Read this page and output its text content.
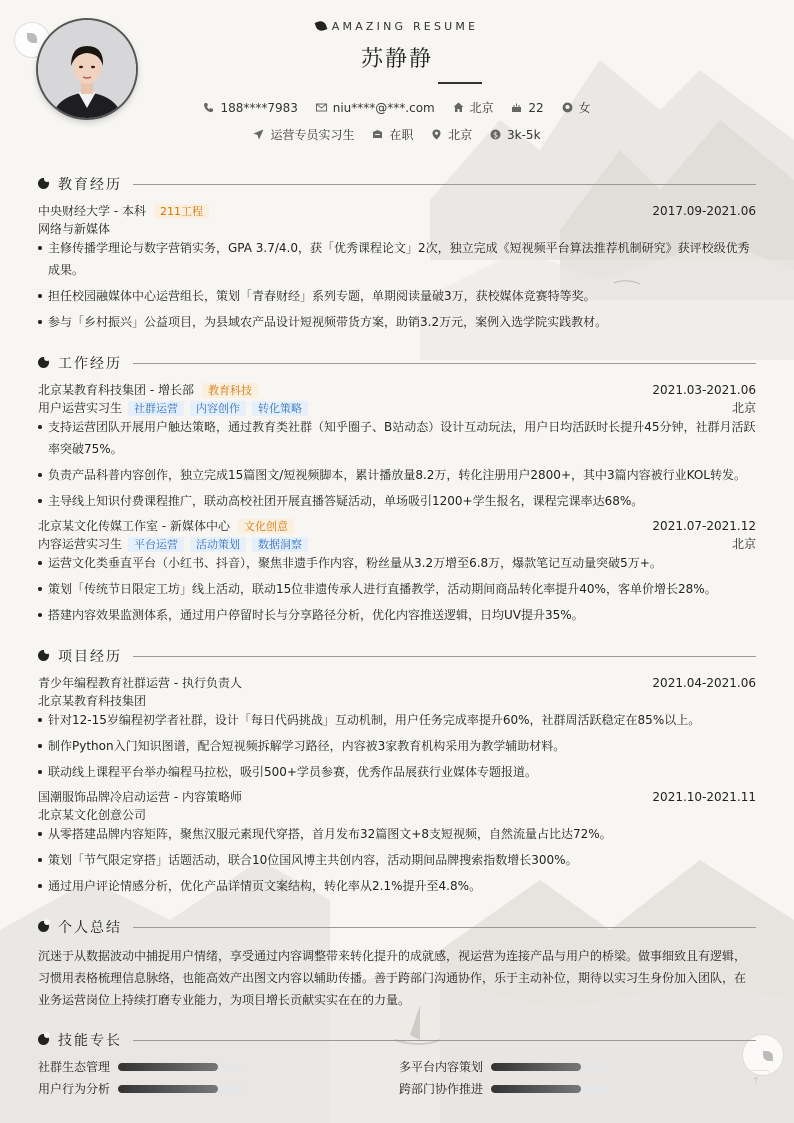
↑
AMAZING RESUME
苏静静
188****7983	niu****@***.com	北京	22	女
运营专员实习生	在职	北京	$ 3k-5k
教育经历
中央财经大学 - 本科 211工程	2017.09-2021.06
网络与新媒体
主修传播学理论与数字营销实务，GPA 3.7/4.0，获「优秀课程论文」2次，独立完成《短视频平台算法推荐机制研究》获评校级优秀成果。
担任校园融媒体中心运营组长，策划「青春财经」系列专题，单期阅读量破3万，获校媒体竞赛特等奖。
参与「乡村振兴」公益项目，为县域农产品设计短视频带货方案，助销3.2万元，案例入选学院实践教材。
工作经历
北京某教育科技集团 - 增长部 教育科技	2021.03-2021.06
用户运营实习生 社群运营 内容创作 转化策略	北京
支持运营团队开展用户触达策略，通过教育类社群（知乎圈子、B站动态）设计互动玩法，用户日均活跃时长提升45分钟，社群月活跃率突破75%。
负责产品科普内容创作，独立完成15篇图文/短视频脚本，累计播放量8.2万，转化注册用户2800+，其中3篇内容被行业KOL转发。
主导线上知识付费课程推广，联动高校社团开展直播答疑活动，单场吸引1200+学生报名，课程完课率达68%。
北京某文化传媒工作室 - 新媒体中心 文化创意	2021.07-2021.12
内容运营实习生 平台运营 活动策划 数据洞察	北京
运营文化类垂直平台（小红书、抖音），聚焦非遗手作内容，粉丝量从3.2万增至6.8万，爆款笔记互动量突破5万+。
策划「传统节日限定工坊」线上活动，联动15位非遗传承人进行直播教学，活动期间商品转化率提升40%，客单价增长28%。
搭建内容效果监测体系，通过用户停留时长与分享路径分析，优化内容推送逻辑，日均UV提升35%。
项目经历
青少年编程教育社群运营 - 执行负责人	2021.04-2021.06
北京某教育科技集团
针对12-15岁编程初学者社群，设计「每日代码挑战」互动机制，用户任务完成率提升60%，社群周活跃稳定在85%以上。
制作Python入门知识图谱，配合短视频拆解学习路径，内容被3家教育机构采用为教学辅助材料。
联动线上课程平台举办编程马拉松，吸引500+学员参赛，优秀作品展获行业媒体专题报道。
国潮服饰品牌冷启动运营 - 内容策略师	2021.10-2021.11
北京某文化创意公司
从零搭建品牌内容矩阵，聚焦汉服元素现代穿搭，首月发布32篇图文+8支短视频，自然流量占比达72%。
策划「节气限定穿搭」话题活动，联合10位国风博主共创内容，活动期间品牌搜索指数增长300%。
通过用户评论情感分析，优化产品详情页文案结构，转化率从2.1%提升至4.8%。
个人总结
沉迷于从数据波动中捕捉用户情绪，享受通过内容调整带来转化提升的成就感，视运营为连接产品与用户的桥梁。做事细致且有逻辑，习惯用表格梳理信息脉络，也能高效产出图文内容以辅助传播。善于跨部门沟通协作，乐于主动补位，期待以实习生身份加入团队，在业务运营岗位上持续打磨专业能力，为项目增长贡献实实在在的力量。
技能专长
社群生态管理	多平台内容策划
用户行为分析	跨部门协作推进
